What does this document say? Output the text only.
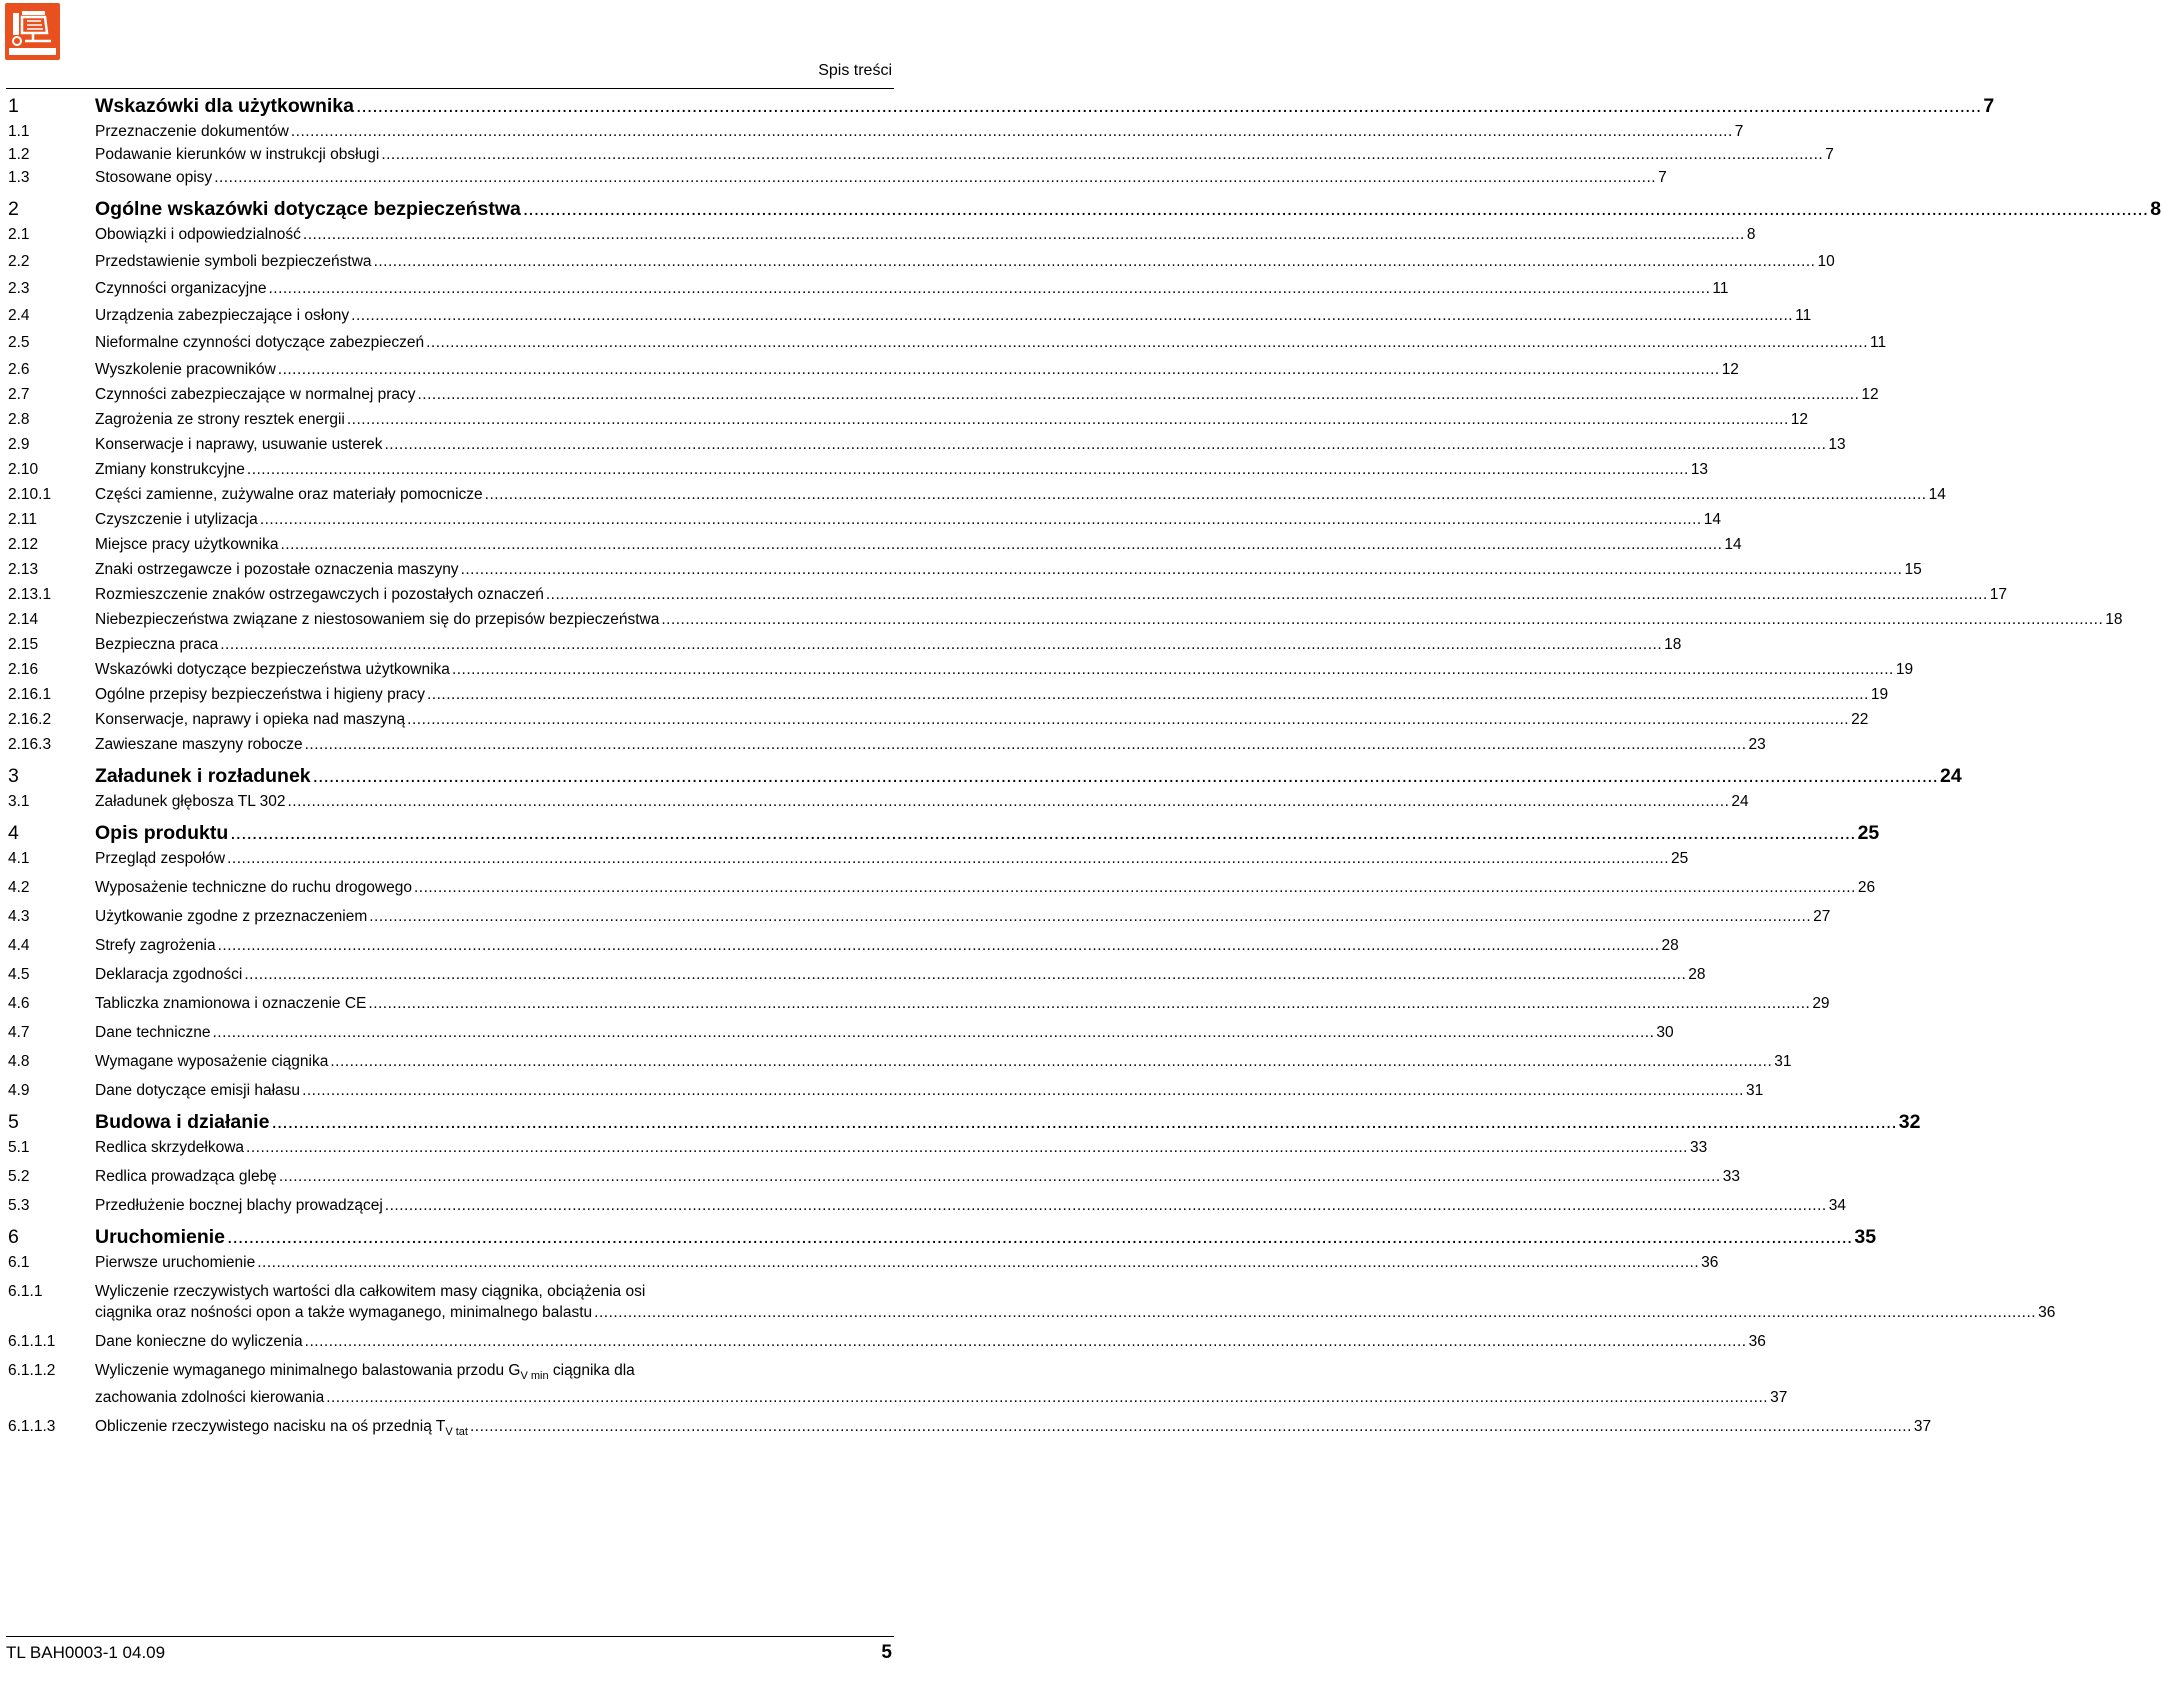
Spis treści
1	Wskazówki dla użytkownika ............................................................................................................................................................................................................................................................................................................ 7
1.1	Przeznaczenie dokumentów ............................................................................................................................................................................................................................................................................................................ 7
1.2	Podawanie kierunków w instrukcji obsługi ............................................................................................................................................................................................................................................................................................................ 7
1.3	Stosowane opisy ............................................................................................................................................................................................................................................................................................................ 7
2	Ogólne wskazówki dotyczące bezpieczeństwa ............................................................................................................................................................................................................................................................................................................ 8
2.1	Obowiązki i odpowiedzialność ............................................................................................................................................................................................................................................................................................................ 8
2.2	Przedstawienie symboli bezpieczeństwa ............................................................................................................................................................................................................................................................................................................ 10
2.3	Czynności organizacyjne ............................................................................................................................................................................................................................................................................................................ 11
2.4	Urządzenia zabezpieczające i osłony ............................................................................................................................................................................................................................................................................................................ 11
2.5	Nieformalne czynności dotyczące zabezpieczeń ............................................................................................................................................................................................................................................................................................................ 11
2.6	Wyszkolenie pracowników ............................................................................................................................................................................................................................................................................................................ 12
2.7	Czynności zabezpieczające w normalnej pracy ............................................................................................................................................................................................................................................................................................................ 12
2.8	Zagrożenia ze strony resztek energii ............................................................................................................................................................................................................................................................................................................ 12
2.9	Konserwacje i naprawy, usuwanie usterek ............................................................................................................................................................................................................................................................................................................ 13
2.10	Zmiany konstrukcyjne ............................................................................................................................................................................................................................................................................................................ 13
2.10.1	Części zamienne, zużywalne oraz materiały pomocnicze ............................................................................................................................................................................................................................................................................................................ 14
2.11	Czyszczenie i utylizacja ............................................................................................................................................................................................................................................................................................................ 14
2.12	Miejsce pracy użytkownika ............................................................................................................................................................................................................................................................................................................ 14
2.13	Znaki ostrzegawcze i pozostałe oznaczenia maszyny ............................................................................................................................................................................................................................................................................................................ 15
2.13.1	Rozmieszczenie znaków ostrzegawczych i pozostałych oznaczeń ............................................................................................................................................................................................................................................................................................................ 17
2.14	Niebezpieczeństwa związane z niestosowaniem się do przepisów bezpieczeństwa ............................................................................................................................................................................................................................................................................................................ 18
2.15	Bezpieczna praca ............................................................................................................................................................................................................................................................................................................ 18
2.16	Wskazówki dotyczące bezpieczeństwa użytkownika ............................................................................................................................................................................................................................................................................................................ 19
2.16.1	Ogólne przepisy bezpieczeństwa i higieny pracy ............................................................................................................................................................................................................................................................................................................ 19
2.16.2	Konserwacje, naprawy i opieka nad maszyną ............................................................................................................................................................................................................................................................................................................ 22
2.16.3	Zawieszane maszyny robocze ............................................................................................................................................................................................................................................................................................................ 23
3	Załadunek i rozładunek ............................................................................................................................................................................................................................................................................................................ 24
3.1	Załadunek głębosza TL 302 ............................................................................................................................................................................................................................................................................................................ 24
4	Opis produktu ............................................................................................................................................................................................................................................................................................................ 25
4.1	Przegląd zespołów ............................................................................................................................................................................................................................................................................................................ 25
4.2	Wyposażenie techniczne do ruchu drogowego ............................................................................................................................................................................................................................................................................................................ 26
4.3	Użytkowanie zgodne z przeznaczeniem ............................................................................................................................................................................................................................................................................................................ 27
4.4	Strefy zagrożenia ............................................................................................................................................................................................................................................................................................................ 28
4.5	Deklaracja zgodności ............................................................................................................................................................................................................................................................................................................ 28
4.6	Tabliczka znamionowa i oznaczenie CE ............................................................................................................................................................................................................................................................................................................ 29
4.7	Dane techniczne ............................................................................................................................................................................................................................................................................................................ 30
4.8	Wymagane wyposażenie ciągnika ............................................................................................................................................................................................................................................................................................................ 31
4.9	Dane dotyczące emisji hałasu ............................................................................................................................................................................................................................................................................................................ 31
5	Budowa i działanie ............................................................................................................................................................................................................................................................................................................ 32
5.1	Redlica skrzydełkowa ............................................................................................................................................................................................................................................................................................................ 33
5.2	Redlica prowadząca glebę ............................................................................................................................................................................................................................................................................................................ 33
5.3	Przedłużenie bocznej blachy prowadzącej ............................................................................................................................................................................................................................................................................................................ 34
6	Uruchomienie ............................................................................................................................................................................................................................................................................................................ 35
6.1	Pierwsze uruchomienie ............................................................................................................................................................................................................................................................................................................ 36
6.1.1	Wyliczenie rzeczywistych wartości dla całkowitem masy ciągnika, obciążenia osi
ciągnika oraz nośności opon a także wymaganego, minimalnego balastu ............................................................................................................................................................................................................................................................................................................ 36
6.1.1.1	Dane konieczne do wyliczenia ............................................................................................................................................................................................................................................................................................................ 36
6.1.1.2	Wyliczenie wymaganego minimalnego balastowania przodu $G_{V min}$ ciągnika dla
zachowania zdolności kierowania ............................................................................................................................................................................................................................................................................................................ 37
6.1.1.3	Obliczenie rzeczywistego nacisku na oś przednią $T_{V tat}$ ............................................................................................................................................................................................................................................................................................................ 37
TL BAH0003-1 04.09	5
